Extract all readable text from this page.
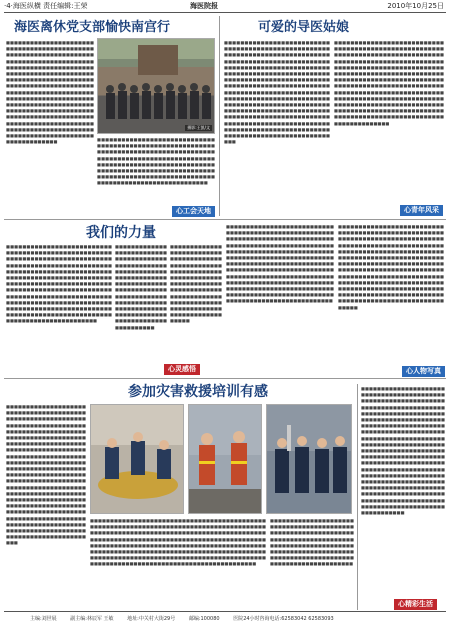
·4·海医纵横 责任编辑:王荣	海医院报	2010年10月25日
海医离休党支部愉快南宫行
■■■■■■■■■■■■■■■■■■■■■■■■■■■■■■■■■■■■■■■■■■■■■■■■■■■■■■■■■■■■■■■■■■■■■■■■■■■■■■■■■■■■■■■■■■■■■■■■■■■■■■■■■■■■■■■■■■■■■■■■■■■■■■■■■■■■■■■■■■■■■■■■■■■■■■■■■■■■■■■■■■■■■■■■■■■■■■■■■■■■■■■■■■■■■■■■■■■■■■■■■■■■■■■■■■■■■■■■■■■■■■■■■■■■■■■■■■■■■■■■■■■■■■■■■■■■■■■■■■■■■■■■■■■■■■■■■■■■■■■■■■■■■■■■■■■■■■■■■■■■■■■■■■■■■■■■■■■■■■■■■■■■■■■■■■■■■■■■■■■■■■■■■■■■■■■■■■■■■■■■■■■■■
摄影:王凯/文
■■■■■■■■■■■■■■■■■■■■■■■■■■■■■■■■■■■■■■■■■■■■■■■■■■■■■■■■■■■■■■■■■■■■■■■■■■■■■■■■■■■■■■■■■■■■■■■■■■■■■■■■■■■■■■■■■■■■■■■■■■■■■■■■■■■■■■■■■■■■■■■■■■■■■■■■■■■■■■■■■■■■■■■■■■■■■■■■■■■■■■■■■■■■■■■■■■■■■■■■■■■■■■■■■■■■■■■■■■■■■■■■■■■■■■■
心工会天地
可爱的导医姑娘
■■■■■■■■■■■■■■■■■■■■■■■■■■■■■■■■■■■■■■■■■■■■■■■■■■■■■■■■■■■■■■■■■■■■■■■■■■■■■■■■■■■■■■■■■■■■■■■■■■■■■■■■■■■■■■■■■■■■■■■■■■■■■■■■■■■■■■■■■■■■■■■■■■■■■■■■■■■■■■■■■■■■■■■■■■■■■■■■■■■■■■■■■■■■■■■■■■■■■■■■■■■■■■■■■■■■■■■■■■■■■■■■■■■■■■■■■■■■■■■■■■■■■■■■■■■■■■■■■■■■■■■■■■■■■■■■■■■■■■■■■■■■■■■■■■■■■■■■■■■■■■■■■■■■■■■■■■■■■■■■■■■■■■■■■■■■■■■■■■■■■■■■■■■■■■■■■■■■■■■■■■■■■■■■■■■■■■■■■■■■■■■■■■■■■■■■■■■■■■■■■■■■■■■■■■■■■■■■■■■
■■■■■■■■■■■■■■■■■■■■■■■■■■■■■■■■■■■■■■■■■■■■■■■■■■■■■■■■■■■■■■■■■■■■■■■■■■■■■■■■■■■■■■■■■■■■■■■■■■■■■■■■■■■■■■■■■■■■■■■■■■■■■■■■■■■■■■■■■■■■■■■■■■■■■■■■■■■■■■■■■■■■■■■■■■■■■■■■■■■■■■■■■■■■■■■■■■■■■■■■■■■■■■■■■■■■■■■■■■■■■■■■■■■■■■■■■■■■■■■■■■■■■■■■■■■■■■■■■■■■■■■■■■■■■■■■■■■■■■■■■■■■■■■■■■■■■■■■■■■■■■■■■■■■■■■■■■■■■■■■■■■■■■■■■■■■■■■■■■■■■■■■■■■■■■■■■■■■■■■■■■■■■
心青年风采
我们的力量
■■■■■■■■■■■■■■■■■■■■■■■■■■■■■■■■■■■■■■■■■■■■■■■■■■■■■■■■■■■■■■■■■■■■■■■■■■■■■■■■■■■■■■■■■■■■■■■■■■■■■■■■■■■■■■■■■■■■■■■■■■■■■■■■■■■■■■■■■■■■■■■■■■■■■■■■■■■■■■■■■■■■■■■■■■■■■■■■■■■■■■■■■■■■■■■■■■■■■■■■■■■■■■■■■■■■■■■■■■■■■■■■■■■■■■■■■■■■■■■■■■■■■■■■■■■■■■■■■■■■■■■■■■■■■■■■■■■■■■■■■■■■■■■■■■■■■■■■■■■■■■■■■■■■■■■■■■■■■■■■■■■■■■■■■■■■■■■
■■■■■■■■■■■■■■■■■■■■■■■■■■■■■■■■■■■■■■■■■■■■■■■■■■■■■■■■■■■■■■■■■■■■■■■■■■■■■■■■■■■■■■■■■■■■■■■■■■■■■■■■■■■■■■■■■■■■■■■■■■■■■■■■■■■■■■■■■■■■■■■■■■■■■■■■■■■■■■■■■■■■■■■■■■■■■■■■■■■
■■■■■■■■■■■■■■■■■■■■■■■■■■■■■■■■■■■■■■■■■■■■■■■■■■■■■■■■■■■■■■■■■■■■■■■■■■■■■■■■■■■■■■■■■■■■■■■■■■■■■■■■■■■■■■■■■■■■■■■■■■■■■■■■■■■■■■■■■■■■■■■■■■■■■■■■■■■■■■■■■
心灵感悟
■■■■■■■■■■■■■■■■■■■■■■■■■■■■■■■■■■■■■■■■■■■■■■■■■■■■■■■■■■■■■■■■■■■■■■■■■■■■■■■■■■■■■■■■■■■■■■■■■■■■■■■■■■■■■■■■■■■■■■■■■■■■■■■■■■■■■■■■■■■■■■■■■■■■■■■■■■■■■■■■■■■■■■■■■■■■■■■■■■■■■■■■■■■■■■■■■■■■■■■■■■■■■■■■■■■■■■■■■■■■■■■■■■■■■■■■■■■■■■■■■■■■■■■■■■■■■■■■■■■■■■■■■■■■■■■■■■■■■■■■■■■■■■■■■■■■■■■■■■■■■■■■■■■■■■■■■■■■■■■■■■■■■■■■■■■■■■■■■■■■■■■■■■■■■■■
■■■■■■■■■■■■■■■■■■■■■■■■■■■■■■■■■■■■■■■■■■■■■■■■■■■■■■■■■■■■■■■■■■■■■■■■■■■■■■■■■■■■■■■■■■■■■■■■■■■■■■■■■■■■■■■■■■■■■■■■■■■■■■■■■■■■■■■■■■■■■■■■■■■■■■■■■■■■■■■■■■■■■■■■■■■■■■■■■■■■■■■■■■■■■■■■■■■■■■■■■■■■■■■■■■■■■■■■■■■■■■■■■■■■■■■■■■■■■■■■■■■■■■■■■■■■■■■■■■■■■■■■■■■■■■■■■■■■■■■■■■■■■■■■■■■■■■■■■■■■■■■■■■■■■■■■■■■■■■■■■■■■■■■■■■■■■■■■■■■■■■■
心人物写真
参加灾害救援培训有感
■■■■■■■■■■■■■■■■■■■■■■■■■■■■■■■■■■■■■■■■■■■■■■■■■■■■■■■■■■■■■■■■■■■■■■■■■■■■■■■■■■■■■■■■■■■■■■■■■■■■■■■■■■■■■■■■■■■■■■■■■■■■■■■■■■■■■■■■■■■■■■■■■■■■■■■■■■■■■■■■■■■■■■■■■■■■■■■■■■■■■■■■■■■■■■■■■■■■■■■■■■■■■■■■■■■■■■■■■■■■■■■■■■■■■■■■■■■■■■■■■■■■■■■■■■■■■■■■■■■■■■■■■■■■■■■■■■■■■■■■■■■■■■■■■■■■■■■■■■■■■■■■■■■■■■■■■■■■■■■■■■■■■■■■■■■■■■■■■■■■■■■■■■■■■■■■■■■■■■■■■■■■■■■■■■■■■■■■■■■■■■■■■■■■■■■■■■■■■■■■■■■■■■■■■■■■■■■■■■■■■■■■■■■■■■■■■■■■■■■■■■■
■■■■■■■■■■■■■■■■■■■■■■■■■■■■■■■■■■■■■■■■■■■■■■■■■■■■■■■■■■■■■■■■■■■■■■■■■■■■■■■■■■■■■■■■■■■■■■■■■■■■■■■■■■■■■■■■■■■■■■■■■■■■■■■■■■■■■■■■■■■■■■■■■■■■■■■■■■■■■■■■■■■■■■■■■■■■■■■■■■■■■■■■■■■■■■■■■■■■■■■■■■■■■■■■■■■■■■■■■■■■■■■■■■■■■■■■■■■■■■■■■■■■■■■■■■■■■■■■■■■■■■■■■■■■■■■■■■■■■■■■■■■■■■■■■■■■■■■■■■■■■■■■■■■■■■■■■■■■■■■■■■■■■■■■■■■■■■■■■■■■■■■■■■■■■■
■■■■■■■■■■■■■■■■■■■■■■■■■■■■■■■■■■■■■■■■■■■■■■■■■■■■■■■■■■■■■■■■■■■■■■■■■■■■■■■■■■■■■■■■■■■■■■■■■■■■■■■■■■■■■■■■■■■■■■■■■■■■■■■■■■■■■■■■■■■■■■■■■■■■■■■■■■■■■■■■■■■■■■■■
■■■■■■■■■■■■■■■■■■■■■■■■■■■■■■■■■■■■■■■■■■■■■■■■■■■■■■■■■■■■■■■■■■■■■■■■■■■■■■■■■■■■■■■■■■■■■■■■■■■■■■■■■■■■■■■■■■■■■■■■■■■■■■■■■■■■■■■■■■■■■■■■■■■■■■■■■■■■■■■■■■■■■■■■■■■■■■■■■■■■■■■■■■■■■■■■■■■■■■■■■■■■■■■■■■■■■■■■■■■■■■■■■■■■■■■■■■■■■■■■■■■■■■■■■■■■■■■■■■■■■■■■■■■■■■■■■■■■■■■■■■■■■■■■■■■■■■■■■■■■■■■■■■■■■■■■■■■■■■■■■■■■■■■■■■■■■■■■■■■■■■■■■■■■■■■■■■■■■■■■■■■■■■■■■■■■■■■■■■■■■■■■■■■■■■■■■■■■■■■■■■■■■■■■■■■■■■■■■■■■■■■■■■■■■■■
心精彩生活
主编:刘世展	副主编:林辰军 王敏	地址:中关村大街29号	邮编:100080	医院24小时咨询电话:62583042 62583093
